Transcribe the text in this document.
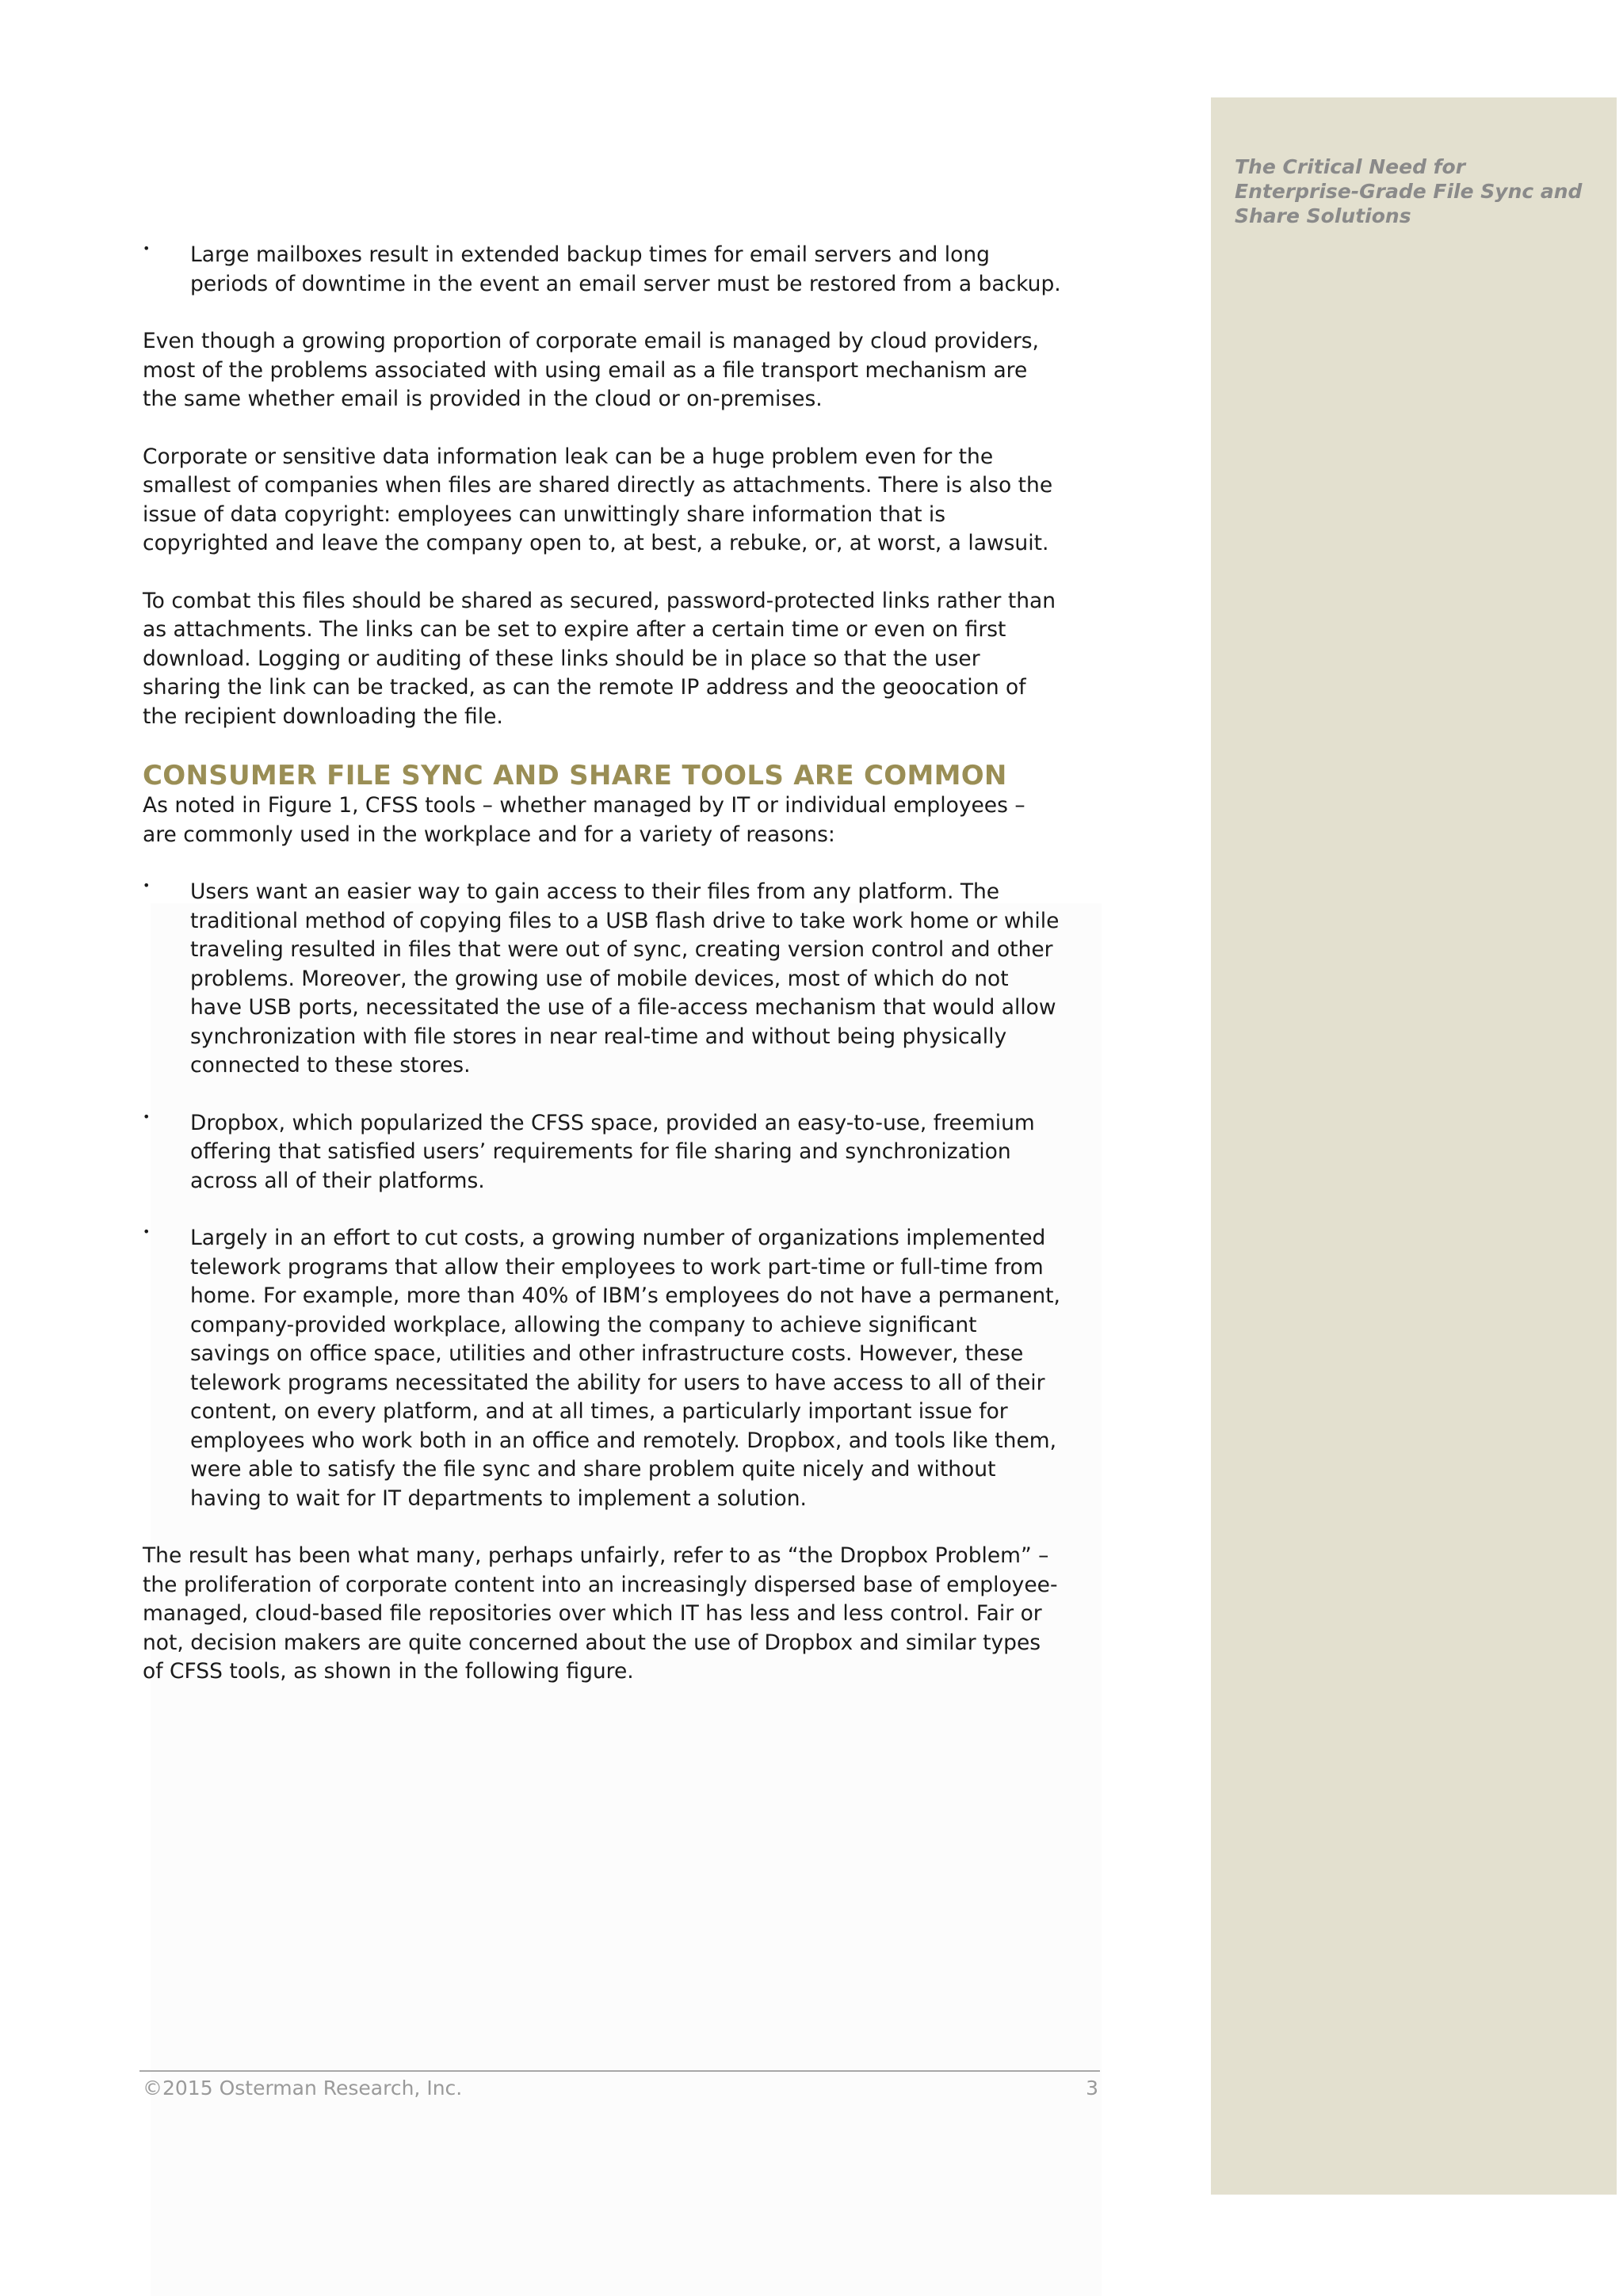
The Critical Need for Enterprise-Grade File Sync and Share Solutions

•	Large mailboxes result in extended backup times for email servers and long periods of downtime in the event an email server must be restored from a backup.

Even though a growing proportion of corporate email is managed by cloud providers, most of the problems associated with using email as a file transport mechanism are the same whether email is provided in the cloud or on-premises.

Corporate or sensitive data information leak can be a huge problem even for the smallest of companies when files are shared directly as attachments. There is also the issue of data copyright: employees can unwittingly share information that is copyrighted and leave the company open to, at best, a rebuke, or, at worst, a lawsuit.

To combat this files should be shared as secured, password-protected links rather than as attachments. The links can be set to expire after a certain time or even on first download. Logging or auditing of these links should be in place so that the user sharing the link can be tracked, as can the remote IP address and the geoocation of the recipient downloading the file.

CONSUMER FILE SYNC AND SHARE TOOLS ARE COMMON

As noted in Figure 1, CFSS tools – whether managed by IT or individual employees – are commonly used in the workplace and for a variety of reasons:

•	Users want an easier way to gain access to their files from any platform. The traditional method of copying files to a USB flash drive to take work home or while traveling resulted in files that were out of sync, creating version control and other problems. Moreover, the growing use of mobile devices, most of which do not have USB ports, necessitated the use of a file-access mechanism that would allow synchronization with file stores in near real-time and without being physically connected to these stores.

•	Dropbox, which popularized the CFSS space, provided an easy-to-use, freemium offering that satisfied users’ requirements for file sharing and synchronization across all of their platforms.

•	Largely in an effort to cut costs, a growing number of organizations implemented telework programs that allow their employees to work part-time or full-time from home. For example, more than 40% of IBM’s employees do not have a permanent, company-provided workplace, allowing the company to achieve significant savings on office space, utilities and other infrastructure costs. However, these telework programs necessitated the ability for users to have access to all of their content, on every platform, and at all times, a particularly important issue for employees who work both in an office and remotely. Dropbox, and tools like them, were able to satisfy the file sync and share problem quite nicely and without having to wait for IT departments to implement a solution.

The result has been what many, perhaps unfairly, refer to as “the Dropbox Problem” – the proliferation of corporate content into an increasingly dispersed base of employee-managed, cloud-based file repositories over which IT has less and less control. Fair or not, decision makers are quite concerned about the use of Dropbox and similar types of CFSS tools, as shown in the following figure.

©2015 Osterman Research, Inc.	3
